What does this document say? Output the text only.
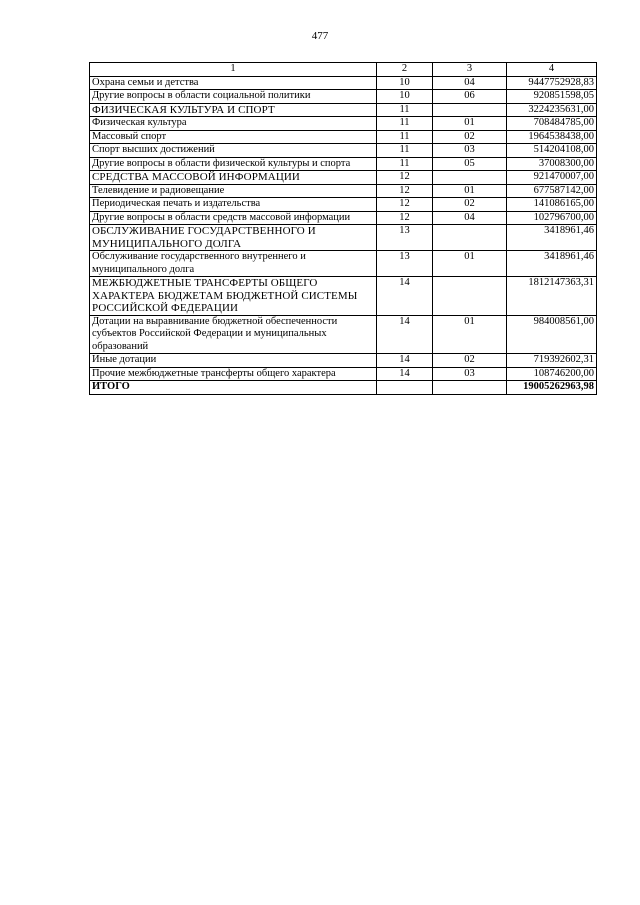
477
1	2	3	4
Охрана семьи и детства	10	04	9447752928,83
Другие вопросы в области социальной политики	10	06	920851598,05
ФИЗИЧЕСКАЯ КУЛЬТУРА И СПОРТ	11		3224235631,00
Физическая культура	11	01	708484785,00
Массовый спорт	11	02	1964538438,00
Спорт высших достижений	11	03	514204108,00
Другие вопросы в области физической культуры и спорта	11	05	37008300,00
СРЕДСТВА МАССОВОЙ ИНФОРМАЦИИ	12		921470007,00
Телевидение и радиовещание	12	01	677587142,00
Периодическая печать и издательства	12	02	141086165,00
Другие вопросы в области средств массовой информации	12	04	102796700,00
ОБСЛУЖИВАНИЕ ГОСУДАРСТВЕННОГО И МУНИЦИПАЛЬНОГО ДОЛГА	13		3418961,46
Обслуживание государственного внутреннего и муниципального долга	13	01	3418961,46
МЕЖБЮДЖЕТНЫЕ ТРАНСФЕРТЫ ОБЩЕГО ХАРАКТЕРА БЮДЖЕТАМ БЮДЖЕТНОЙ СИСТЕМЫ РОССИЙСКОЙ ФЕДЕРАЦИИ	14		1812147363,31
Дотации на выравнивание бюджетной обеспеченности субъектов Российской Федерации и муниципальных образований	14	01	984008561,00
Иные дотации	14	02	719392602,31
Прочие межбюджетные трансферты общего характера	14	03	108746200,00
ИТОГО			19005262963,98
